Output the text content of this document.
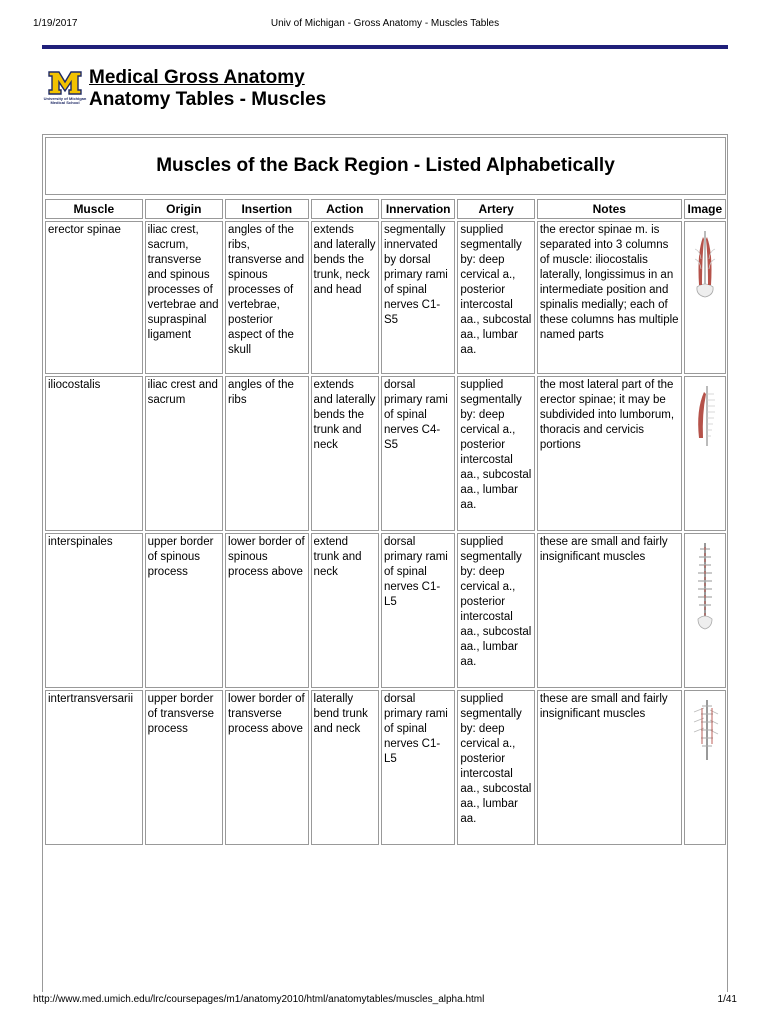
1/19/2017	Univ of Michigan - Gross Anatomy - Muscles Tables
University of Michigan
Medical School
Medical Gross Anatomy
Anatomy Tables - Muscles
Muscles of the Back Region - Listed Alphabetically
Muscle	Origin	Insertion	Action	Innervation	Artery	Notes	Image
erector spinae	iliac crest, sacrum, transverse and spinous processes of vertebrae and supraspinal ligament	angles of the ribs, transverse and spinous processes of vertebrae, posterior aspect of the skull	extends and laterally bends the trunk, neck and head	segmentally innervated by dorsal primary rami of spinal nerves C1-S5	supplied segmentally by: deep cervical a., posterior intercostal aa., subcostal aa., lumbar aa.	the erector spinae m. is separated into 3 columns of muscle: iliocostalis laterally, longissimus in an intermediate position and spinalis medially; each of these columns has multiple named parts	

iliocostalis	iliac crest and sacrum	angles of the ribs	extends and laterally bends the trunk and neck	dorsal primary rami of spinal nerves C4-S5	supplied segmentally by: deep cervical a., posterior intercostal aa., subcostal aa., lumbar aa.	the most lateral part of the erector spinae; it may be subdivided into lumborum, thoracis and cervicis portions	

interspinales	upper border of spinous process	lower border of spinous process above	extend trunk and neck	dorsal primary rami of spinal nerves C1-L5	supplied segmentally by: deep cervical a., posterior intercostal aa., subcostal aa., lumbar aa.	these are small and fairly insignificant muscles	

intertransversarii	upper border of transverse process	lower border of transverse process above	laterally bend trunk and neck	dorsal primary rami of spinal nerves C1-L5	supplied segmentally by: deep cervical a., posterior intercostal aa., subcostal aa., lumbar aa.	these are small and fairly insignificant muscles	
http://www.med.umich.edu/lrc/coursepages/m1/anatomy2010/html/anatomytables/muscles_alpha.html	1/41
